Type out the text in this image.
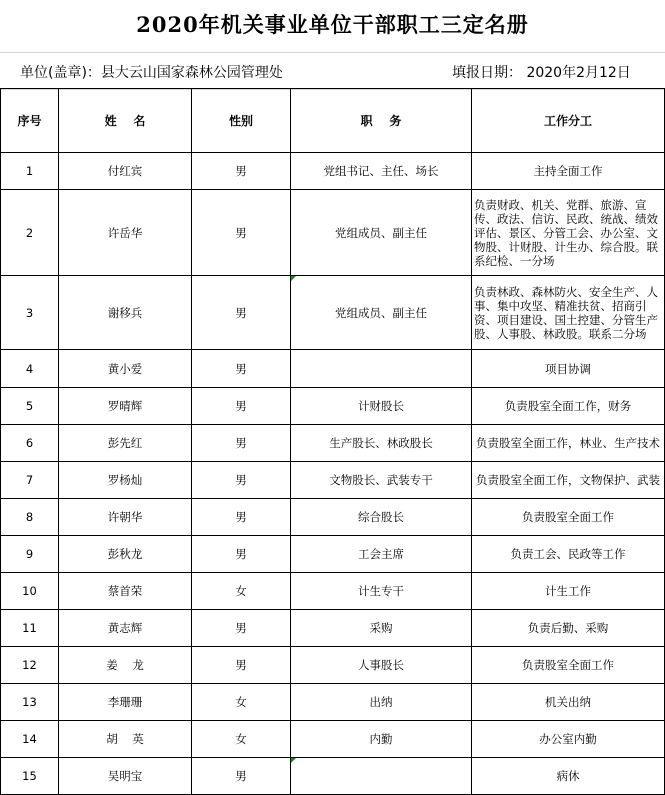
2020年机关事业单位干部职工三定名册
单位(盖章)：县大云山国家森林公园管理处	填报日期： 2020年2月12日
序号	姓    名	性别	职    务	工作分工
1	付红宾	男	党组书记、主任、场长	主持全面工作
2	许岳华	男	党组成员、副主任	负责财政、机关、党群、旅游、宣传、政法、信访、民政、统战、绩效评估、景区、分管工会、办公室、文物股、计财股、计生办、综合股。联系纪检、一分场
3	谢移兵	男	党组成员、副主任	负责林政、森林防火、安全生产、人事、集中攻坚、精准扶贫、招商引资、项目建设、国土控建、分管生产股、人事股、林政股。联系二分场
4	黄小爱	男		项目协调
5	罗晴辉	男	计财股长	负责股室全面工作，财务
6	彭先红	男	生产股长、林政股长	负责股室全面工作，林业、生产技术
7	罗杨灿	男	文物股长、武装专干	负责股室全面工作，文物保护、武装
8	许朝华	男	综合股长	负责股室全面工作
9	彭秋龙	男	工会主席	负责工会、民政等工作
10	蔡首荣	女	计生专干	计生工作
11	黄志辉	男	采购	负责后勤、采购
12	姜    龙	男	人事股长	负责股室全面工作
13	李珊珊	女	出纳	机关出纳
14	胡    英	女	内勤	办公室内勤
15	吴明宝	男		病休
